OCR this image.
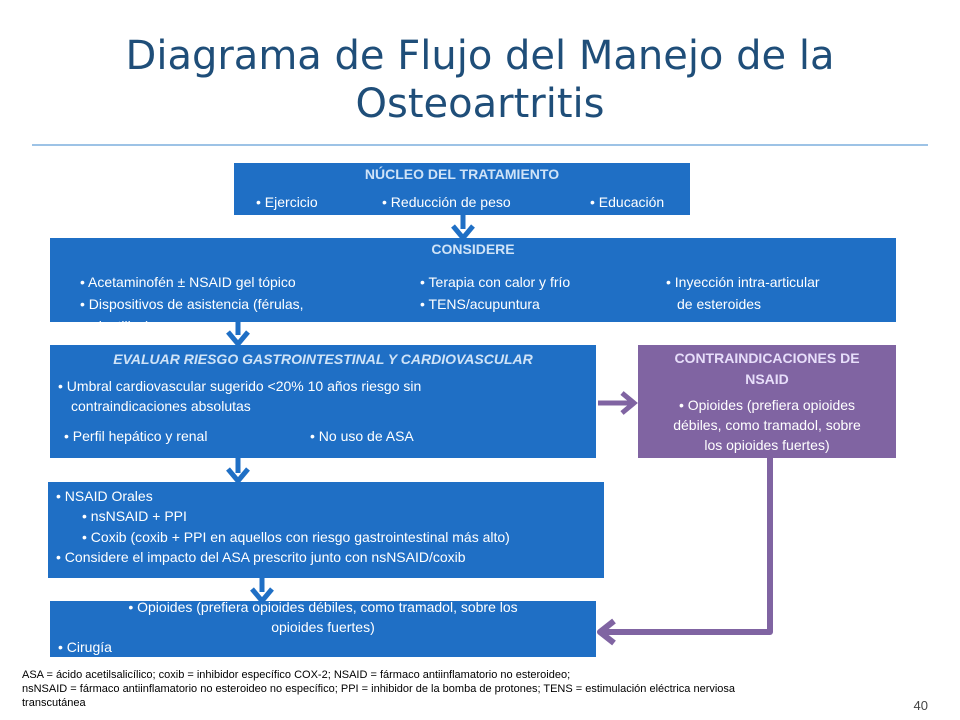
Diagrama de Flujo del Manejo de la Osteoartritis
NÚCLEO DEL TRATAMIENTO
• Ejercicio	• Reducción de peso	• Educación
CONSIDERE
• Acetaminofén ± NSAID gel tópico
• Dispositivos de asistencia (férulas,
plantillas)
• Terapia con calor y frío
• TENS/acupuntura
• Inyección intra-articular
de esteroides
EVALUAR RIESGO GASTROINTESTINAL Y CARDIOVASCULAR
• Umbral cardiovascular sugerido <20% 10 años riesgo sin
contraindicaciones absolutas
• Perfil hepático y renal	• No uso de ASA
CONTRAINDICACIONES DE
NSAID
• Opioides (prefiera opioides
débiles, como tramadol, sobre
los opioides fuertes)
• NSAID Orales
• nsNSAID + PPI
• Coxib (coxib + PPI en aquellos con riesgo gastrointestinal más alto)
• Considere el impacto del ASA prescrito junto con nsNSAID/coxib
• Opioides (prefiera opioides débiles, como tramadol, sobre los
opioides fuertes)
• Cirugía
ASA = ácido acetilsalicílico; coxib = inhibidor específico COX-2; NSAID = fármaco antiinflamatorio no esteroideo;
nsNSAID = fármaco antiinflamatorio no esteroideo no específico; PPI = inhibidor de la bomba de protones; TENS = estimulación eléctrica nerviosa
transcutánea	40
